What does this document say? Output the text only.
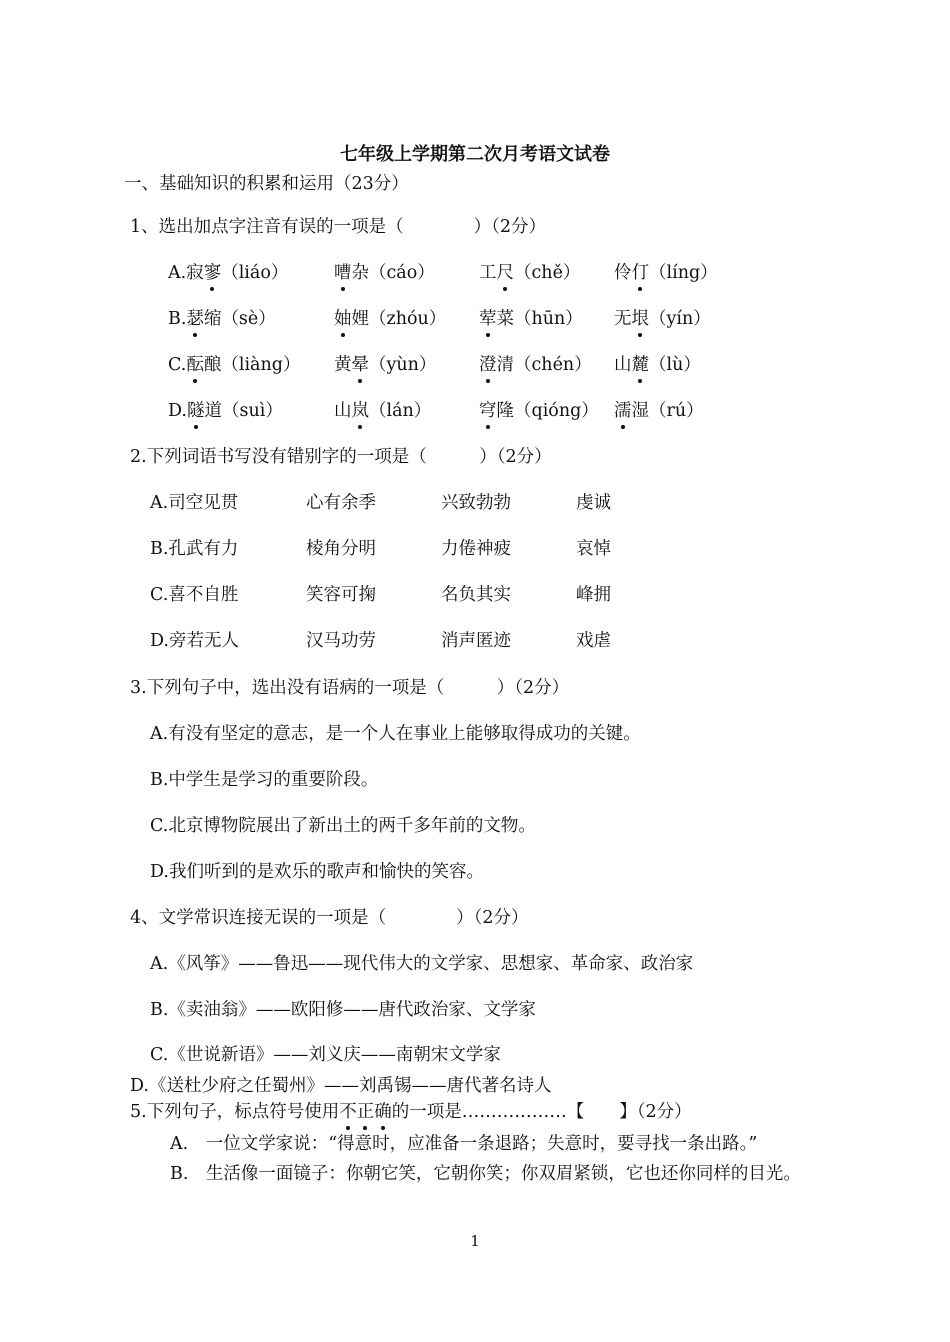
七年级上学期第二次月考语文试卷
一、基础知识的积累和运用（23分）
1、选出加点字注音有误的一项是（　　　　）（2分）
A.寂寥（liáo）	嘈杂（cáo）	工尺（chě） 伶仃（líng）
B.瑟缩（sè）	妯娌（zhóu） 荤菜（hūn） 无垠（yín）
C.酝酿（liàng） 黄晕（yùn） 澄清（chén） 山麓（lù）
D.隧道（suì）	山岚（lán）	穹隆（qióng） 濡湿（rú）
2.下列词语书写没有错别字的一项是（　　　）（2分）
A.司空见贯	心有余季	兴致勃勃	虔诚
B.孔武有力	棱角分明	力倦神疲	哀悼
C.喜不自胜	笑容可掬	名负其实	峰拥
D.旁若无人	汉马功劳	消声匿迹	戏虐
3.下列句子中，选出没有语病的一项是（　　　）（2分）
A.有没有坚定的意志，是一个人在事业上能够取得成功的关键。
B.中学生是学习的重要阶段。
C.北京博物院展出了新出土的两千多年前的文物。
D.我们听到的是欢乐的歌声和愉快的笑容。
4、文学常识连接无误的一项是（　　　　）（2分）
A.《风筝》——鲁迅——现代伟大的文学家、思想家、革命家、政治家
B.《卖油翁》——欧阳修——唐代政治家、文学家
C.《世说新语》——刘义庆——南朝宋文学家
D.《送杜少府之任蜀州》——刘禹锡——唐代著名诗人
5.下列句子，标点符号使用不正确的一项是………………【　　】（2分）
A.　一位文学家说：“得意时，应准备一条退路；失意时，要寻找一条出路。”
B.　生活像一面镜子：你朝它笑，它朝你笑；你双眉紧锁，它也还你同样的目光。
1
